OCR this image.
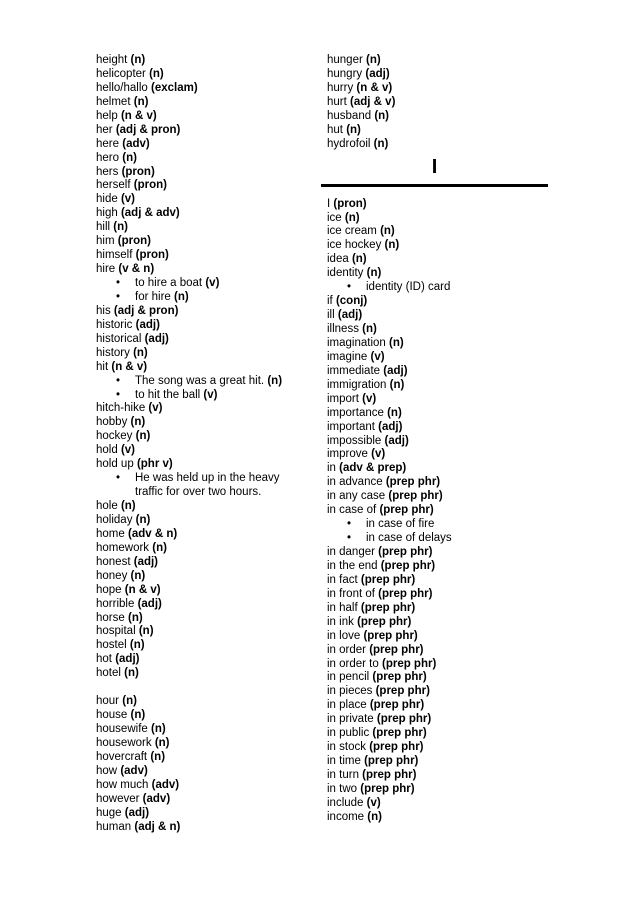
height (n)
helicopter (n)
hello/hallo (exclam)
helmet (n)
help (n & v)
her (adj & pron)
here (adv)
hero (n)
hers (pron)
herself (pron)
hide (v)
high (adj & adv)
hill (n)
him (pron)
himself (pron)
hire (v & n)
• to hire a boat (v)
• for hire (n)
his (adj & pron)
historic (adj)
historical (adj)
history (n)
hit (n & v)
• The song was a great hit. (n)
• to hit the ball (v)
hitch-hike (v)
hobby (n)
hockey (n)
hold (v)
hold up (phr v)
• He was held up in the heavy traffic for over two hours.
hole (n)
holiday (n)
home (adv & n)
homework (n)
honest (adj)
honey (n)
hope (n & v)
horrible (adj)
horse (n)
hospital (n)
hostel (n)
hot (adj)
hotel (n)
hour (n)
house (n)
housewife (n)
housework (n)
hovercraft (n)
how (adv)
how much (adv)
however (adv)
huge (adj)
human (adj & n)
hunger (n)
hungry (adj)
hurry (n & v)
hurt (adj & v)
husband (n)
hut (n)
hydrofoil (n)
I
I (pron)
ice (n)
ice cream (n)
ice hockey (n)
idea (n)
identity (n)
• identity (ID) card
if (conj)
ill (adj)
illness (n)
imagination (n)
imagine (v)
immediate (adj)
immigration (n)
import (v)
importance (n)
important (adj)
impossible (adj)
improve (v)
in (adv & prep)
in advance (prep phr)
in any case (prep phr)
in case of (prep phr)
• in case of fire
• in case of delays
in danger (prep phr)
in the end (prep phr)
in fact (prep phr)
in front of (prep phr)
in half (prep phr)
in ink (prep phr)
in love (prep phr)
in order (prep phr)
in order to (prep phr)
in pencil (prep phr)
in pieces (prep phr)
in place (prep phr)
in private (prep phr)
in public (prep phr)
in stock (prep phr)
in time (prep phr)
in turn (prep phr)
in two (prep phr)
include (v)
income (n)
